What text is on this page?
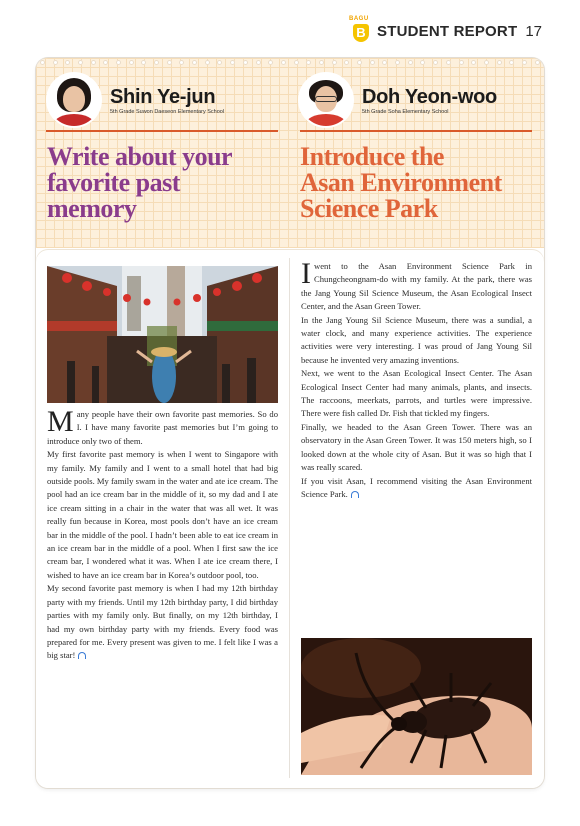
BAGU
B STUDENT REPORT 17
Shin Ye-jun
5th Grade Suwon Daeseon Elementary School
Write about your
favorite past
memory
Doh Yeon-woo
5th Grade Soha Elementary School
Introduce the
Asan Environment
Science Park
M any people have their own favorite past memories. So do I. I have many favorite past memories but I’m going to introduce only two of them.

My first favorite past memory is when I went to Singapore with my family. My family and I went to a small hotel that had big outside pools. My family swam in the water and ate ice cream. The pool had an ice cream bar in the middle of it, so my dad and I ate ice cream sitting in a chair in the water that was all wet. It was really fun because in Korea, most pools don’t have an ice cream bar in the middle of the pool. I hadn’t been able to eat ice cream in an ice cream bar in the middle of a pool. When I first saw the ice cream bar, I wondered what it was. When I ate ice cream there, I wished to have an ice cream bar in Korea’s outdoor pool, too.

My second favorite past memory is when I had my 12th birthday party with my friends. Until my 12th birthday party, I did birthday parties with my family only. But finally, on my 12th birthday, I had my own birthday party with my friends. Every food was prepared for me. Every present was given to me. I felt like I was a big star!

I went to the Asan Environment Science Park in Chungcheongnam-do with my family. At the park, there was the Jang Young Sil Science Museum, the Asan Ecological Insect Center, and the Asan Green Tower.

In the Jang Young Sil Science Museum, there was a sundial, a water clock, and many experience activities. The experience activities were very interesting. I was proud of Jang Young Sil because he invented very amazing inventions.

Next, we went to the Asan Ecological Insect Center. The Asan Ecological Insect Center had many animals, plants, and insects. The raccoons, meerkats, parrots, and turtles were impressive. There were fish called Dr. Fish that tickled my fingers.

Finally, we headed to the Asan Green Tower. There was an observatory in the Asan Green Tower. It was 150 meters high, so I looked down at the whole city of Asan. But it was so high that I was really scared.

If you visit Asan, I recommend visiting the Asan Environment Science Park.
